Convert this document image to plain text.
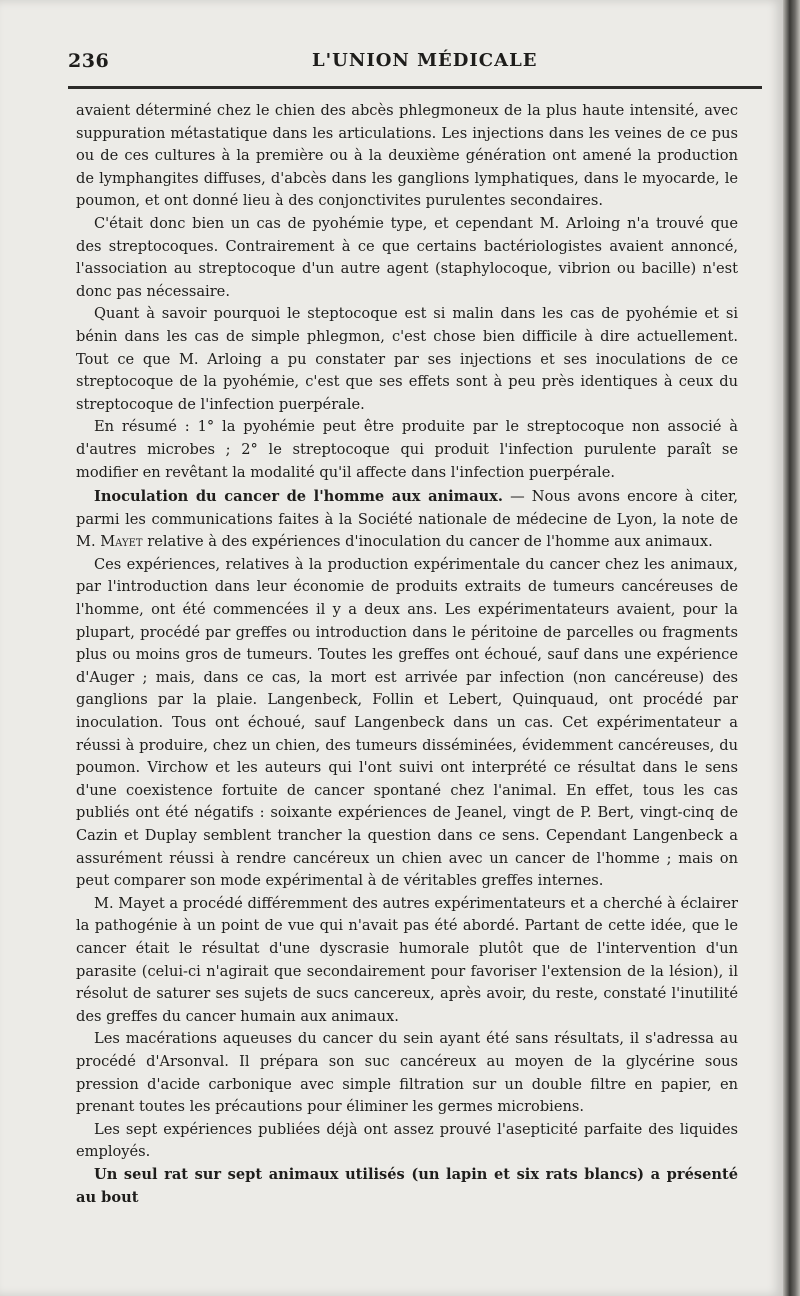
236	L'UNION MÉDICALE

avaient déterminé chez le chien des abcès phlegmoneux de la plus haute intensité, avec suppuration métastatique dans les articulations. Les injections dans les veines de ce pus ou de ces cultures à la première ou à la deuxième génération ont amené la production de lymphangites diffuses, d'abcès dans les ganglions lymphatiques, dans le myocarde, le poumon, et ont donné lieu à des conjonctivites purulentes secondaires.

C'était donc bien un cas de pyohémie type, et cependant M. Arloing n'a trouvé que des streptocoques. Contrairement à ce que certains bactériologistes avaient annoncé, l'association au streptocoque d'un autre agent (staphylocoque, vibrion ou bacille) n'est donc pas nécessaire.

Quant à savoir pourquoi le steptocoque est si malin dans les cas de pyohémie et si bénin dans les cas de simple phlegmon, c'est chose bien difficile à dire actuellement. Tout ce que M. Arloing a pu constater par ses injections et ses inoculations de ce streptocoque de la pyohémie, c'est que ses effets sont à peu près identiques à ceux du streptocoque de l'infection puerpérale.

En résumé : 1° la pyohémie peut être produite par le streptocoque non associé à d'autres microbes ; 2° le streptocoque qui produit l'infection purulente paraît se modifier en revêtant la modalité qu'il affecte dans l'infection puerpérale.

Inoculation du cancer de l'homme aux animaux. — Nous avons encore à citer, parmi les communications faites à la Société nationale de médecine de Lyon, la note de M. Mayet relative à des expériences d'inoculation du cancer de l'homme aux animaux.

Ces expériences, relatives à la production expérimentale du cancer chez les animaux, par l'introduction dans leur économie de produits extraits de tumeurs cancéreuses de l'homme, ont été commencées il y a deux ans. Les expérimentateurs avaient, pour la plupart, procédé par greffes ou introduction dans le péritoine de parcelles ou fragments plus ou moins gros de tumeurs. Toutes les greffes ont échoué, sauf dans une expérience d'Auger ; mais, dans ce cas, la mort est arrivée par infection (non cancéreuse) des ganglions par la plaie. Langenbeck, Follin et Lebert, Quinquaud, ont procédé par inoculation. Tous ont échoué, sauf Langenbeck dans un cas. Cet expérimentateur a réussi à produire, chez un chien, des tumeurs disséminées, évidemment cancéreuses, du poumon. Virchow et les auteurs qui l'ont suivi ont interprété ce résultat dans le sens d'une coexistence fortuite de cancer spontané chez l'animal. En effet, tous les cas publiés ont été négatifs : soixante expériences de Jeanel, vingt de P. Bert, vingt-cinq de Cazin et Duplay semblent trancher la question dans ce sens. Cependant Langenbeck a assurément réussi à rendre cancéreux un chien avec un cancer de l'homme ; mais on peut comparer son mode expérimental à de véritables greffes internes.

M. Mayet a procédé différemment des autres expérimentateurs et a cherché à éclairer la pathogénie à un point de vue qui n'avait pas été abordé. Partant de cette idée, que le cancer était le résultat d'une dyscrasie humorale plutôt que de l'intervention d'un parasite (celui-ci n'agirait que secondairement pour favoriser l'extension de la lésion), il résolut de saturer ses sujets de sucs cancereux, après avoir, du reste, constaté l'inutilité des greffes du cancer humain aux animaux.

Les macérations aqueuses du cancer du sein ayant été sans résultats, il s'adressa au procédé d'Arsonval. Il prépara son suc cancéreux au moyen de la glycérine sous pression d'acide carbonique avec simple filtration sur un double filtre en papier, en prenant toutes les précautions pour éliminer les germes microbiens.

Les sept expériences publiées déjà ont assez prouvé l'asepticité parfaite des liquides employés.

Un seul rat sur sept animaux utilisés (un lapin et six rats blancs) a présenté au bout
